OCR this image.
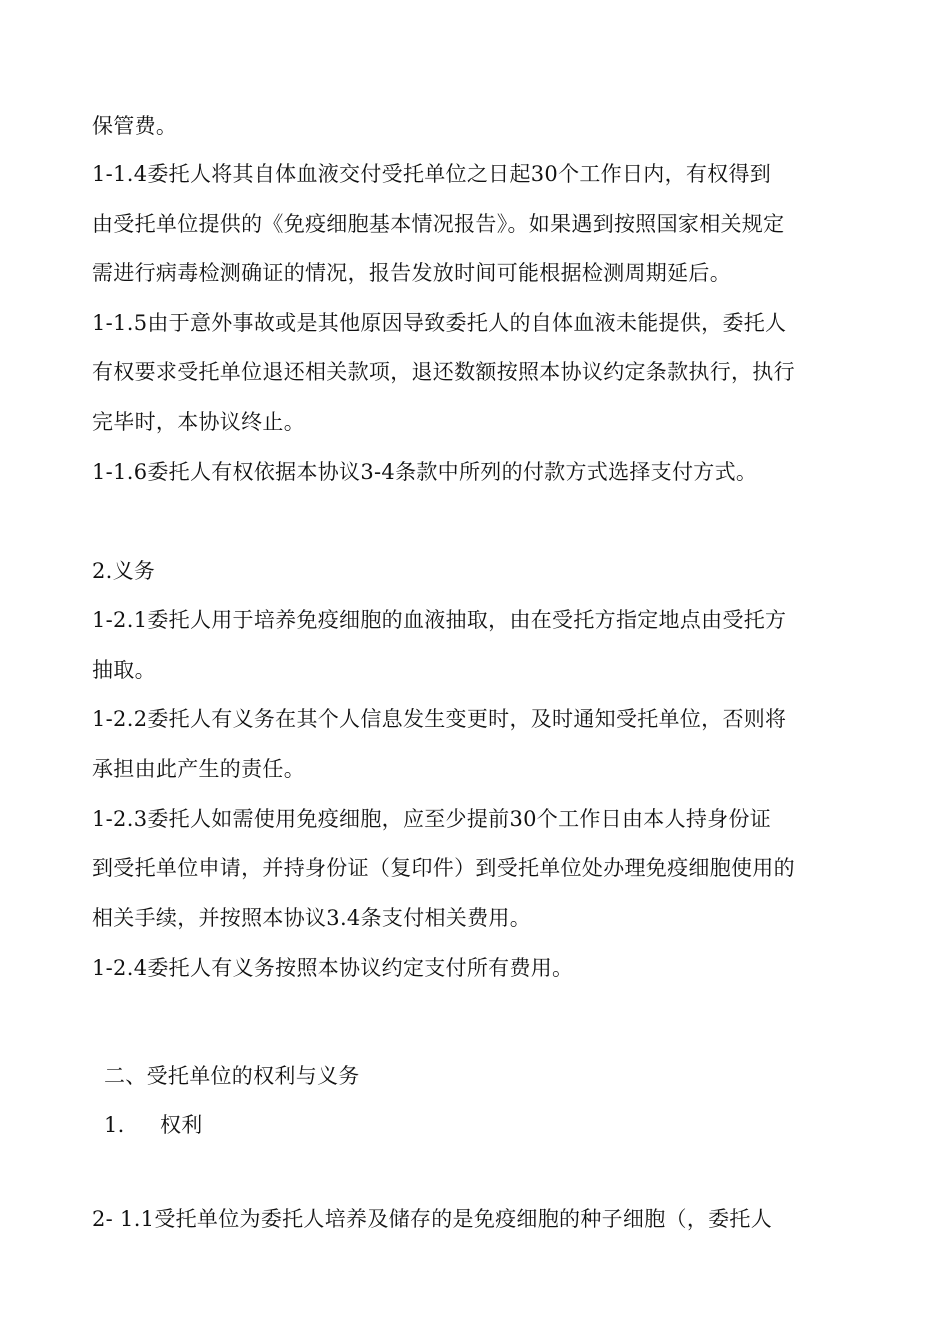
保管费。
1-1.4委托人将其自体血液交付受托单位之日起30个工作日内，有权得到
由受托单位提供的《免疫细胞基本情况报告》。如果遇到按照国家相关规定
需进行病毒检测确证的情况，报告发放时间可能根据检测周期延后。
1-1.5由于意外事故或是其他原因导致委托人的自体血液未能提供，委托人
有权要求受托单位退还相关款项，退还数额按照本协议约定条款执行，执行
完毕时，本协议终止。
1-1.6委托人有权依据本协议3-4条款中所列的付款方式选择支付方式。
2.义务
1-2.1委托人用于培养免疫细胞的血液抽取，由在受托方指定地点由受托方
抽取。
1-2.2委托人有义务在其个人信息发生变更时，及时通知受托单位，否则将
承担由此产生的责任。
1-2.3委托人如需使用免疫细胞，应至少提前30个工作日由本人持身份证
到受托单位申请，并持身份证（复印件）到受托单位处办理免疫细胞使用的
相关手续，并按照本协议3.4条支付相关费用。
1-2.4委托人有义务按照本协议约定支付所有费用。
二、受托单位的权利与义务
1. 权利
2- 1.1受托单位为委托人培养及储存的是免疫细胞的种子细胞（，委托人
